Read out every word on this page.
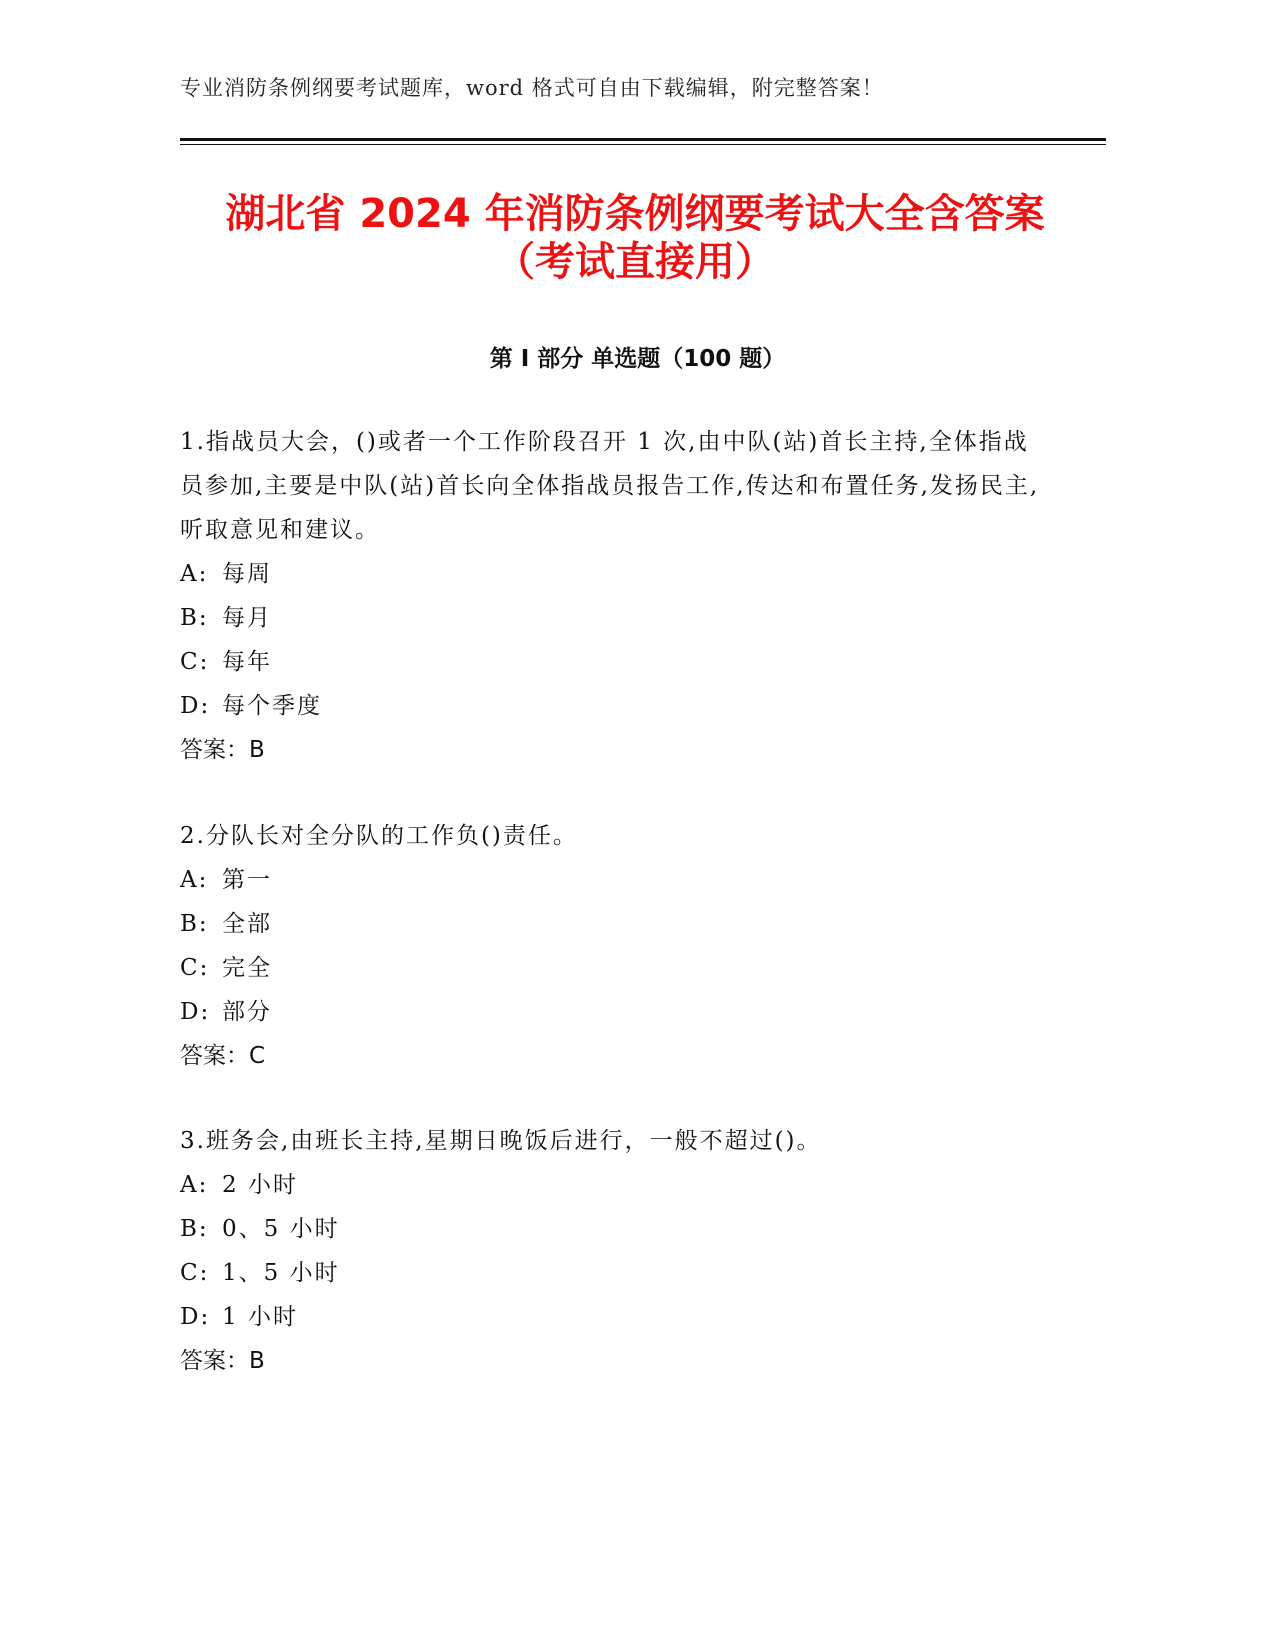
专业消防条例纲要考试题库，word 格式可自由下载编辑，附完整答案！
湖北省 2024 年消防条例纲要考试大全含答案
（考试直接用）
第 I 部分 单选题（100 题）

1.指战员大会，()或者一个工作阶段召开 1 次,由中队(站)首长主持,全体指战员参加,主要是中队(站)首长向全体指战员报告工作,传达和布置任务,发扬民主,听取意见和建议。

A: 每周

B: 每月

C: 每年

D: 每个季度

答案：B

2.分队长对全分队的工作负()责任。

A: 第一

B: 全部

C: 完全

D: 部分

答案：C

3.班务会,由班长主持,星期日晚饭后进行，一般不超过()。

A: 2 小时

B: 0、5 小时

C: 1、5 小时

D: 1 小时

答案：B
